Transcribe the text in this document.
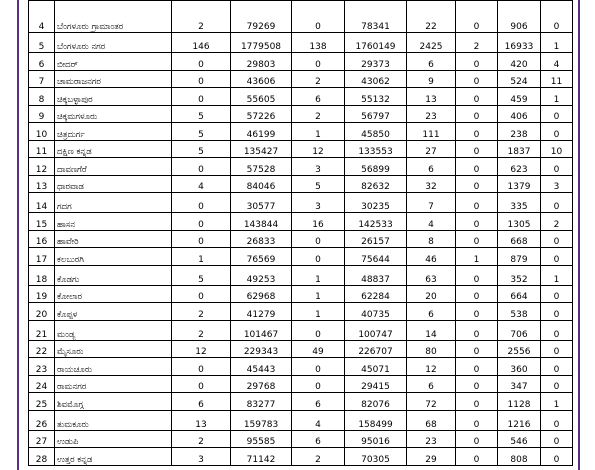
4	ಬೆಂಗಳೂರು ಗ್ರಾಮಾಂತರ	2	79269	0	78341	22	0	906	0
5	ಬೆಂಗಳೂರು ನಗರ	146	1779508	138	1760149	2425	2	16933	1
6	ಬೀದರ್	0	29803	0	29373	6	0	420	4
7	ಚಾಮರಾಜನಗರ	0	43606	2	43062	9	0	524	11
8	ಚಿಕ್ಕಬಳ್ಳಾಪುರ	0	55605	6	55132	13	0	459	1
9	ಚಿಕ್ಕಮಗಳೂರು	5	57226	2	56797	23	0	406	0
10	ಚಿತ್ರದುರ್ಗ	5	46199	1	45850	111	0	238	0
11	ದಕ್ಷಿಣ ಕನ್ನಡ	5	135427	12	133553	27	0	1837	10
12	ದಾವಣಗೆರೆ	0	57528	3	56899	6	0	623	0
13	ಧಾರವಾಡ	4	84046	5	82632	32	0	1379	3
14	ಗದಗ	0	30577	3	30235	7	0	335	0
15	ಹಾಸನ	0	143844	16	142533	4	0	1305	2
16	ಹಾವೇರಿ	0	26833	0	26157	8	0	668	0
17	ಕಲಬುರಗಿ	1	76569	0	75644	46	1	879	0
18	ಕೊಡಗು	5	49253	1	48837	63	0	352	1
19	ಕೋಲಾರ	0	62968	1	62284	20	0	664	0
20	ಕೊಪ್ಪಳ	2	41279	1	40735	6	0	538	0
21	ಮಂಡ್ಯ	2	101467	0	100747	14	0	706	0
22	ಮೈಸೂರು	12	229343	49	226707	80	0	2556	0
23	ರಾಯಚೂರು	0	45443	0	45071	12	0	360	0
24	ರಾಮನಗರ	0	29768	0	29415	6	0	347	0
25	ಶಿವಮೊಗ್ಗ	6	83277	6	82076	72	0	1128	1
26	ತುಮಕೂರು	13	159783	4	158499	68	0	1216	0
27	ಉಡುಪಿ	2	95585	6	95016	23	0	546	0
28	ಉತ್ತರ ಕನ್ನಡ	3	71142	2	70305	29	0	808	0
